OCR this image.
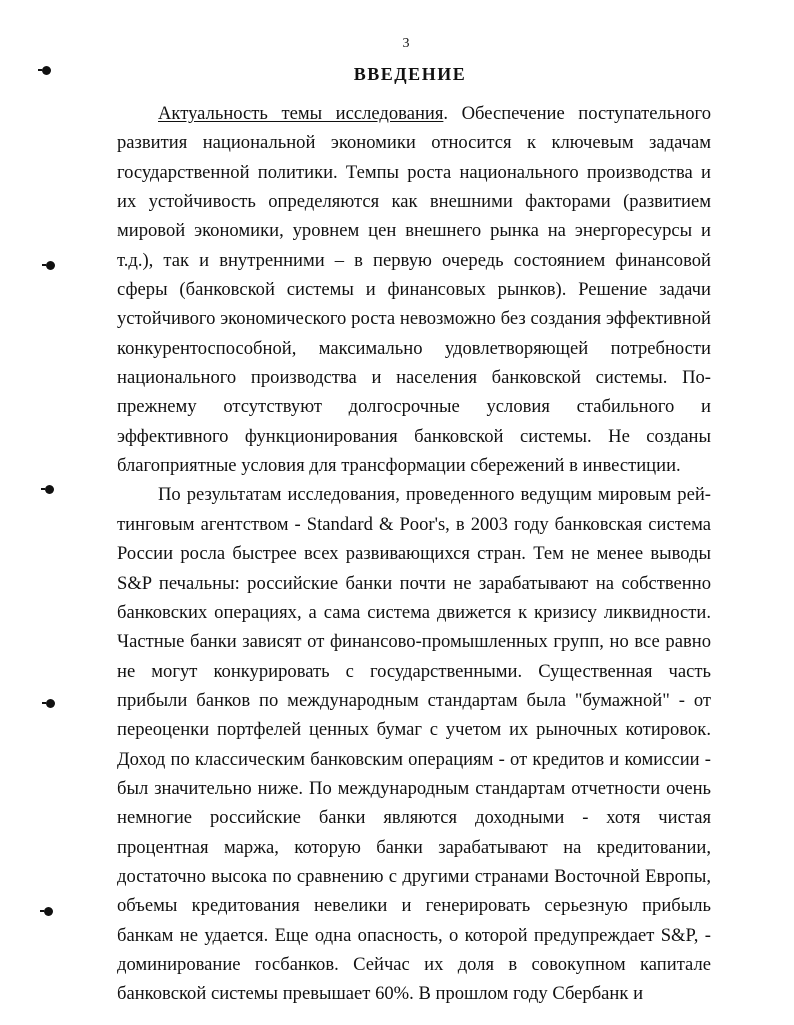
3
ВВЕДЕНИЕ

Актуальность темы исследования. Обеспечение поступательного развития национальной экономики относится к ключевым задачам государственной политики. Темпы роста национального производства и их устойчивость определяются как внешними факторами (развитием мировой экономики, уровнем цен внешнего рынка на энергоресурсы и т.д.), так и внутренними – в первую очередь состоянием финансовой сферы (банковской системы и финансовых рынков). Решение задачи устойчивого экономического роста невозможно без создания эффективной конкурентоспособной, максимально удовлетворяющей потребности национального производства и населения банковской системы. По-прежнему отсутствуют долгосрочные условия стабильного и эффективного функционирования банковской системы. Не созданы благоприятные условия для трансформации сбережений в инвестиции.

По результатам исследования, проведенного ведущим мировым рейтинговым агентством - Standard & Poor's, в 2003 году банковская система России росла быстрее всех развивающихся стран. Тем не менее выводы S&P печальны: российские банки почти не зарабатывают на собственно банковских операциях, а сама система движется к кризису ликвидности. Частные банки зависят от финансово-промышленных групп, но все равно не могут конкурировать с государственными. Существенная часть прибыли банков по международным стандартам была "бумажной" - от переоценки портфелей ценных бумаг с учетом их рыночных котировок. Доход по классическим банковским операциям - от кредитов и комиссии - был значительно ниже. По международным стандартам отчетности очень немногие российские банки являются доходными - хотя чистая процентная маржа, которую банки зарабатывают на кредитовании, достаточно высока по сравнению с другими странами Восточной Европы, объемы кредитования невелики и генерировать серьезную прибыль банкам не удается. Еще одна опасность, о которой предупреждает S&P, - доминирование госбанков. Сейчас их доля в совокупном капитале банковской системы превышает 60%. В прошлом году Сбербанк и
